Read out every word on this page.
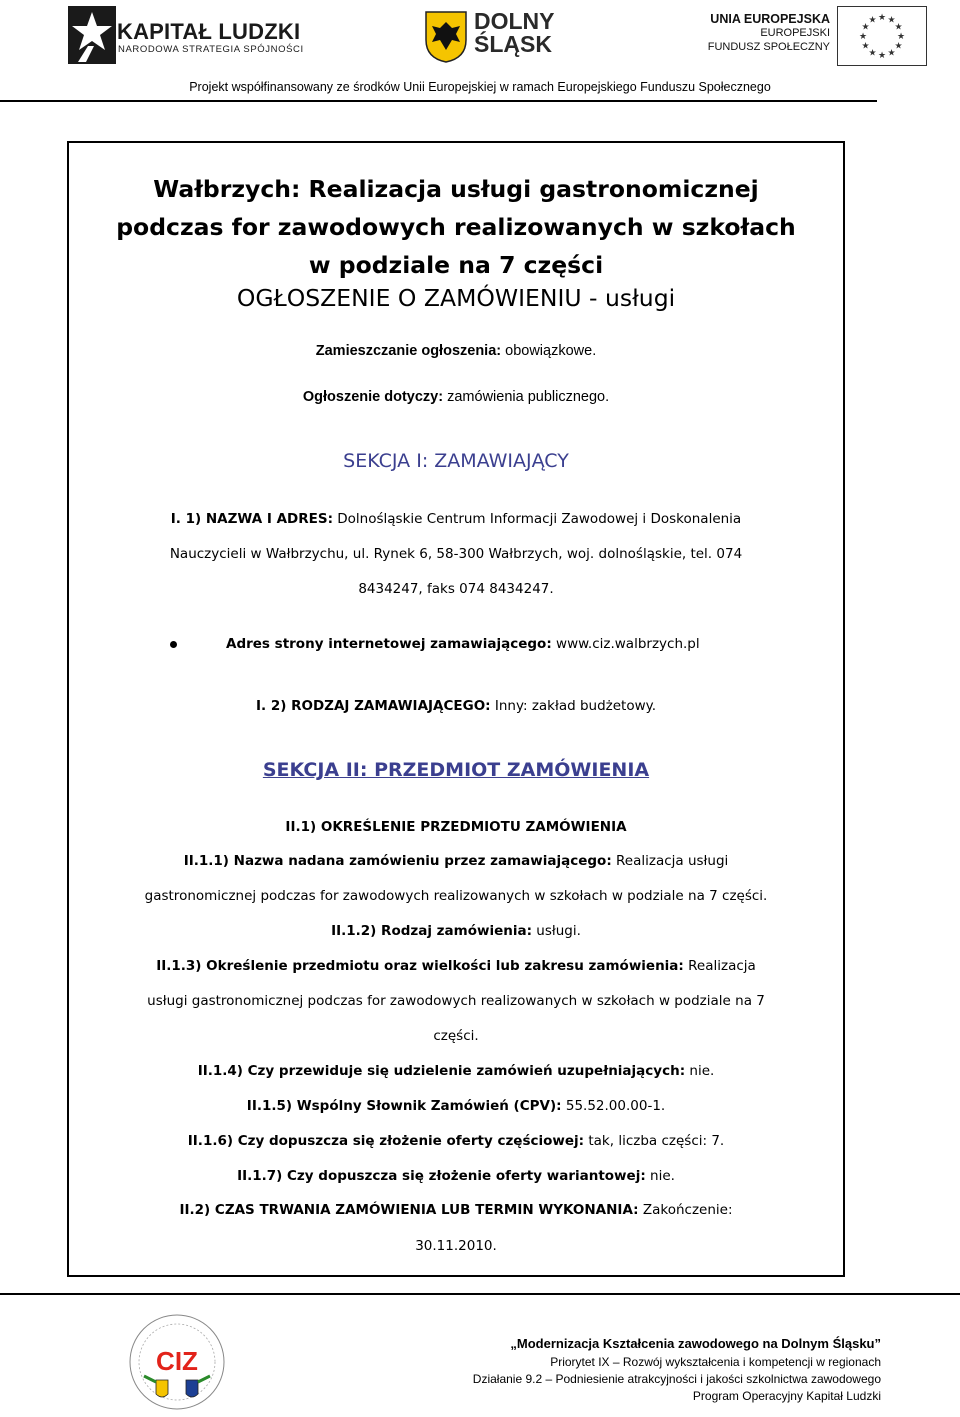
KAPITAŁ LUDZKI
NARODOWA STRATEGIA SPÓJNOŚCI
DOLNY
ŚLĄSK
UNIA EUROPEJSKA
EUROPEJSKI
FUNDUSZ SPOŁECZNY
★ ★
★
★
★
★
★
★
★
★
★
★
Projekt współfinansowany ze środków Unii Europejskiej w ramach Europejskiego Funduszu Społecznego
Wałbrzych: Realizacja usługi gastronomicznej
podczas for zawodowych realizowanych w szkołach
w podziale na 7 części
OGŁOSZENIE O ZAMÓWIENIU - usługi
Zamieszczanie ogłoszenia: obowiązkowe.
Ogłoszenie dotyczy: zamówienia publicznego.
SEKCJA I: ZAMAWIAJĄCY
I. 1) NAZWA I ADRES: Dolnośląskie Centrum Informacji Zawodowej i Doskonalenia
Nauczycieli w Wałbrzychu, ul. Rynek 6, 58-300 Wałbrzych, woj. dolnośląskie, tel. 074
8434247, faks 074 8434247.
Adres strony internetowej zamawiającego: www.ciz.walbrzych.pl
I. 2) RODZAJ ZAMAWIAJĄCEGO: Inny: zakład budżetowy.
SEKCJA II: PRZEDMIOT ZAMÓWIENIA
II.1) OKREŚLENIE PRZEDMIOTU ZAMÓWIENIA
II.1.1) Nazwa nadana zamówieniu przez zamawiającego: Realizacja usługi
gastronomicznej podczas for zawodowych realizowanych w szkołach w podziale na 7 części.
II.1.2) Rodzaj zamówienia: usługi.
II.1.3) Określenie przedmiotu oraz wielkości lub zakresu zamówienia: Realizacja
usługi gastronomicznej podczas for zawodowych realizowanych w szkołach w podziale na 7
części.
II.1.4) Czy przewiduje się udzielenie zamówień uzupełniających: nie.
II.1.5) Wspólny Słownik Zamówień (CPV): 55.52.00.00-1.
II.1.6) Czy dopuszcza się złożenie oferty częściowej: tak, liczba części: 7.
II.1.7) Czy dopuszcza się złożenie oferty wariantowej: nie.
II.2) CZAS TRWANIA ZAMÓWIENIA LUB TERMIN WYKONANIA: Zakończenie:
30.11.2010.
CIZ
„Modernizacja Kształcenia zawodowego na Dolnym Śląsku”
Priorytet IX – Rozwój wykształcenia i kompetencji w regionach
Działanie 9.2 – Podniesienie atrakcyjności i jakości szkolnictwa zawodowego
Program Operacyjny Kapitał Ludzki
